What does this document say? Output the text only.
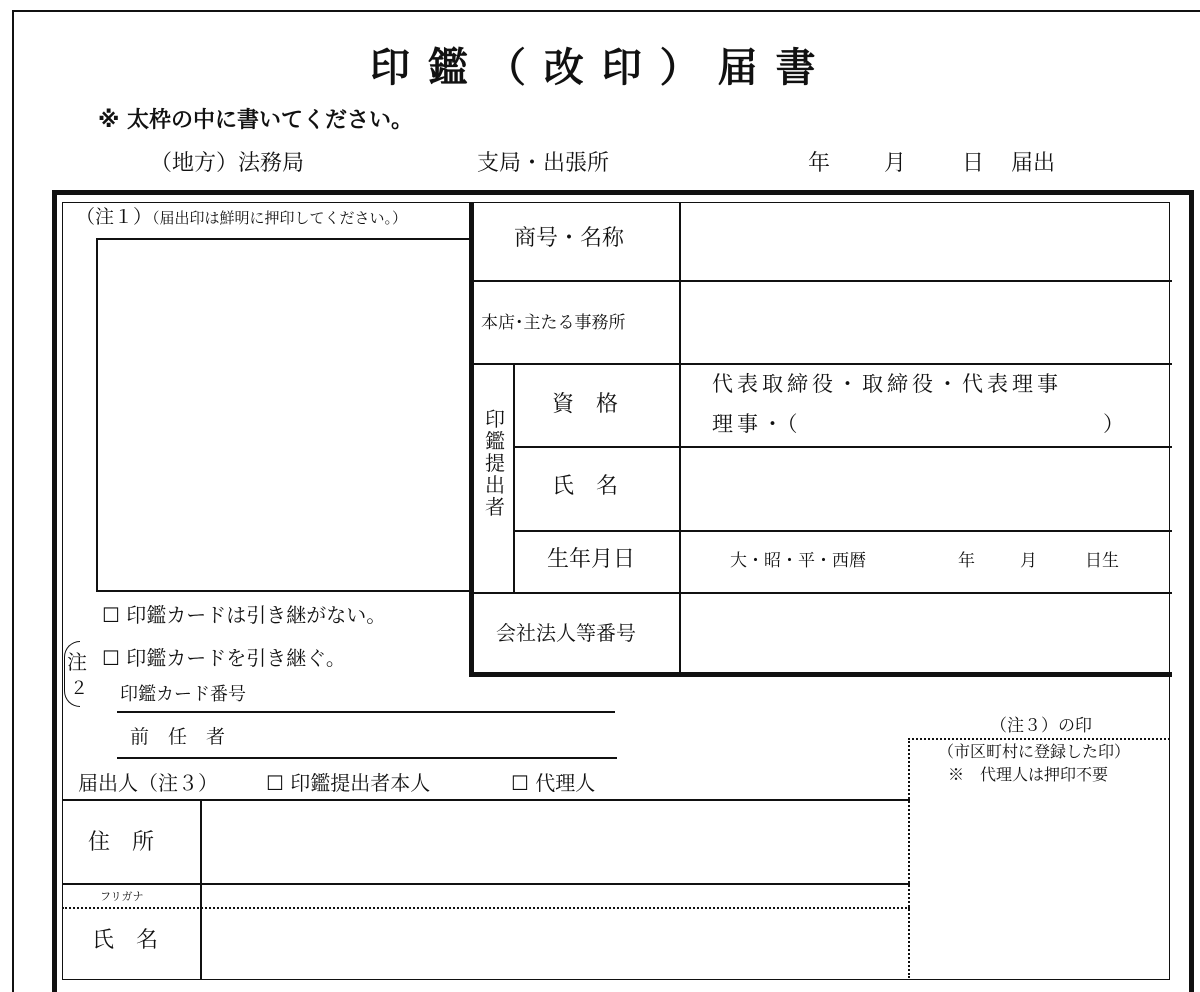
印 鑑 （ 改 印 ） 届 書
※ 太枠の中に書いてください。
（地方）法務局	支局・出張所	年 月	日 届出
（注１）（届出印は鮮明に押印してください。）
商号・名称
本店･主たる事務所
印
鑑
提
出
者
資　格
代表取締役・取締役・代表理事
理事・（	）
氏　名
生年月日	大・昭・平・西暦	年	月	日生
会社法人等番号
☐ 印鑑カードは引き継がない。
注
２
☐ 印鑑カードを引き継ぐ。
印鑑カード番号
前　任　者
届出人（注３） ☐ 印鑑提出者本人	☐ 代理人
住　所
フリガナ
氏　名
（注３）の印
（市区町村に登録した印）
※　代理人は押印不要
